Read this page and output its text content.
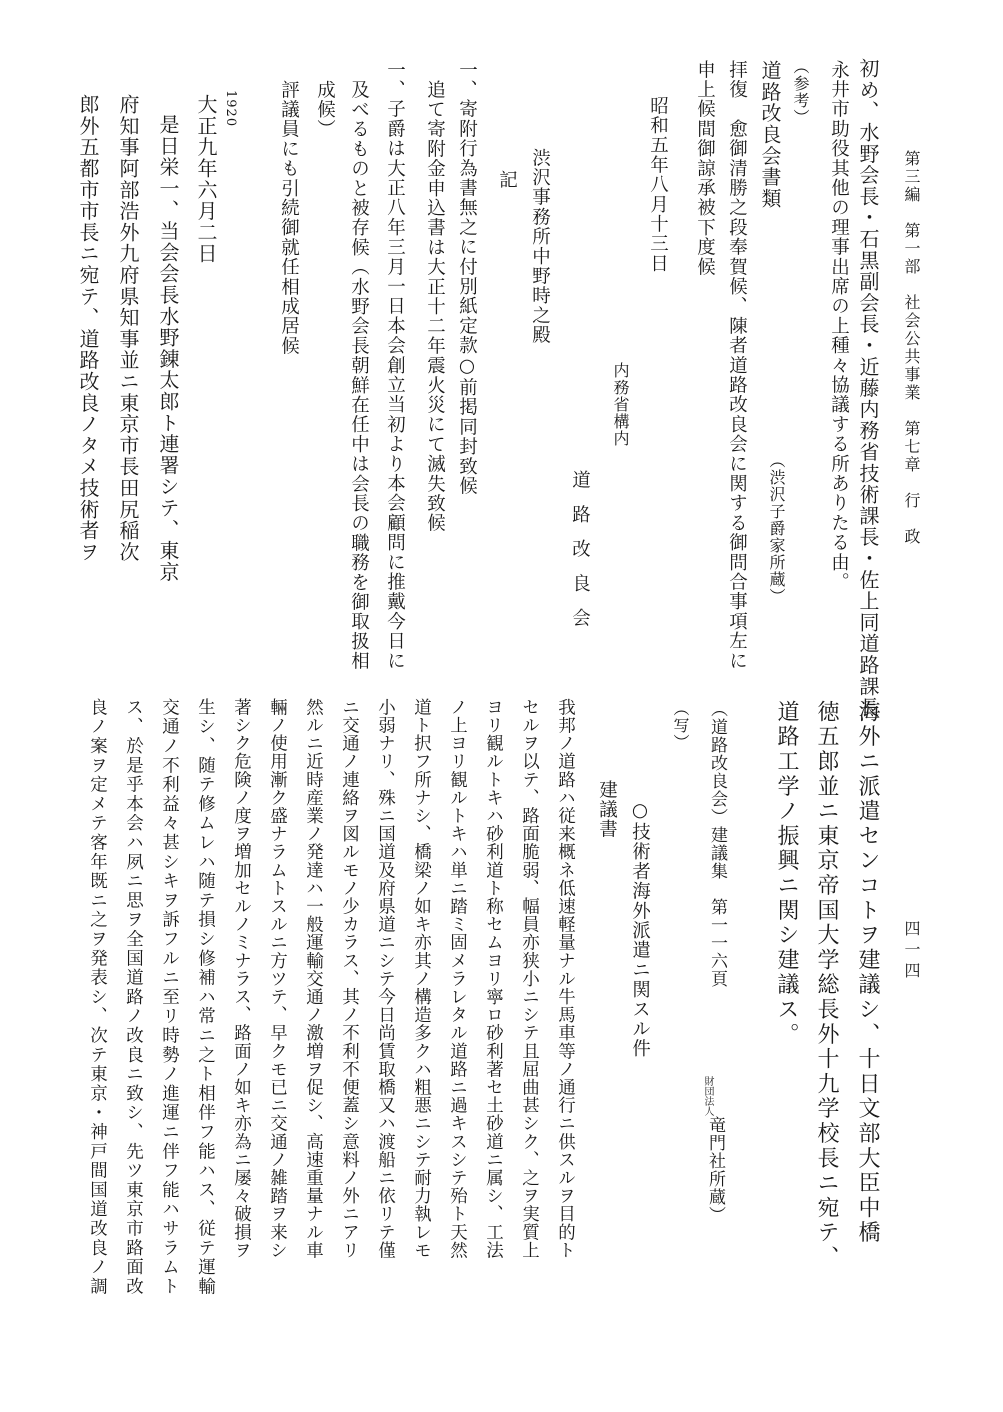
第三編　第一部　社会公共事業　第七章　行　政
四一四
初め、水野会長・石黒副会長・近藤内務省技術課長・佐上同道路課長
永井市助役其他の理事出席の上種々協議する所ありたる由。
（渋沢子爵家所蔵）
（参考）
道路改良会書類
拝復　愈御清勝之段奉賀候、陳者道路改良会に関する御問合事項左に
申上候間御諒承被下度候
昭和五年八月十三日
内務省構内
道路改良会
渋沢事務所中野時之殿
記
一、寄附行為書無之に付別紙定款○前掲同封致候
追て寄附金申込書は大正十二年震火災にて滅失致候
一、子爵は大正八年三月一日本会創立当初より本会顧問に推戴今日に
及べるものと被存候（水野会長朝鮮在任中は会長の職務を御取扱相
成候）
評議員にも引続御就任相成居候
1920
大正九年六月二日
是日栄一、当会会長水野錬太郎ト連署シテ、東京
府知事阿部浩外九府県知事並ニ東京市長田尻稲次
郎外五都市市長ニ宛テ、道路改良ノタメ技術者ヲ
海外ニ派遣センコトヲ建議シ、十日文部大臣中橋
徳五郎並ニ東京帝国大学総長外十九学校長ニ宛テ、
道路工学ノ振興ニ関シ建議ス。
（道路改良会）建議集　第一一六頁
財団法人
竜門社所蔵）
（写）
○技術者海外派遣ニ関スル件
建議書
我邦ノ道路ハ従来概ネ低速軽量ナル牛馬車等ノ通行ニ供スルヲ目的ト
セルヲ以テ、路面脆弱、幅員亦狭小ニシテ且屈曲甚シク、之ヲ実質上
ヨリ観ルトキハ砂利道ト称セムヨリ寧ロ砂利著セ土砂道ニ属シ、工法
ノ上ヨリ観ルトキハ単ニ踏ミ固メラレタル道路ニ過キスシテ殆ト天然
道ト択フ所ナシ、橋梁ノ如キ亦其ノ構造多クハ粗悪ニシテ耐力執レモ
小弱ナリ、殊ニ国道及府県道ニシテ今日尚賃取橋又ハ渡船ニ依リテ僅
ニ交通ノ連絡ヲ図ルモノ少カラス、其ノ不利不便蓋シ意料ノ外ニアリ
然ルニ近時産業ノ発達ハ一般運輸交通ノ激増ヲ促シ、高速重量ナル車
輛ノ使用漸ク盛ナラムトスルニ方ツテ、早クモ已ニ交通ノ雑踏ヲ来シ
著シク危険ノ度ヲ増加セルノミナラス、路面ノ如キ亦為ニ屡々破損ヲ
生シ、随テ修ムレハ随テ損シ修補ハ常ニ之ト相伴フ能ハス、従テ運輸
交通ノ不利益々甚シキヲ訴フルニ至リ時勢ノ進運ニ伴フ能ハサラムト
ス、於是乎本会ハ夙ニ思ヲ全国道路ノ改良ニ致シ、先ツ東京市路面改
良ノ案ヲ定メテ客年既ニ之ヲ発表シ、次テ東京・神戸間国道改良ノ調
